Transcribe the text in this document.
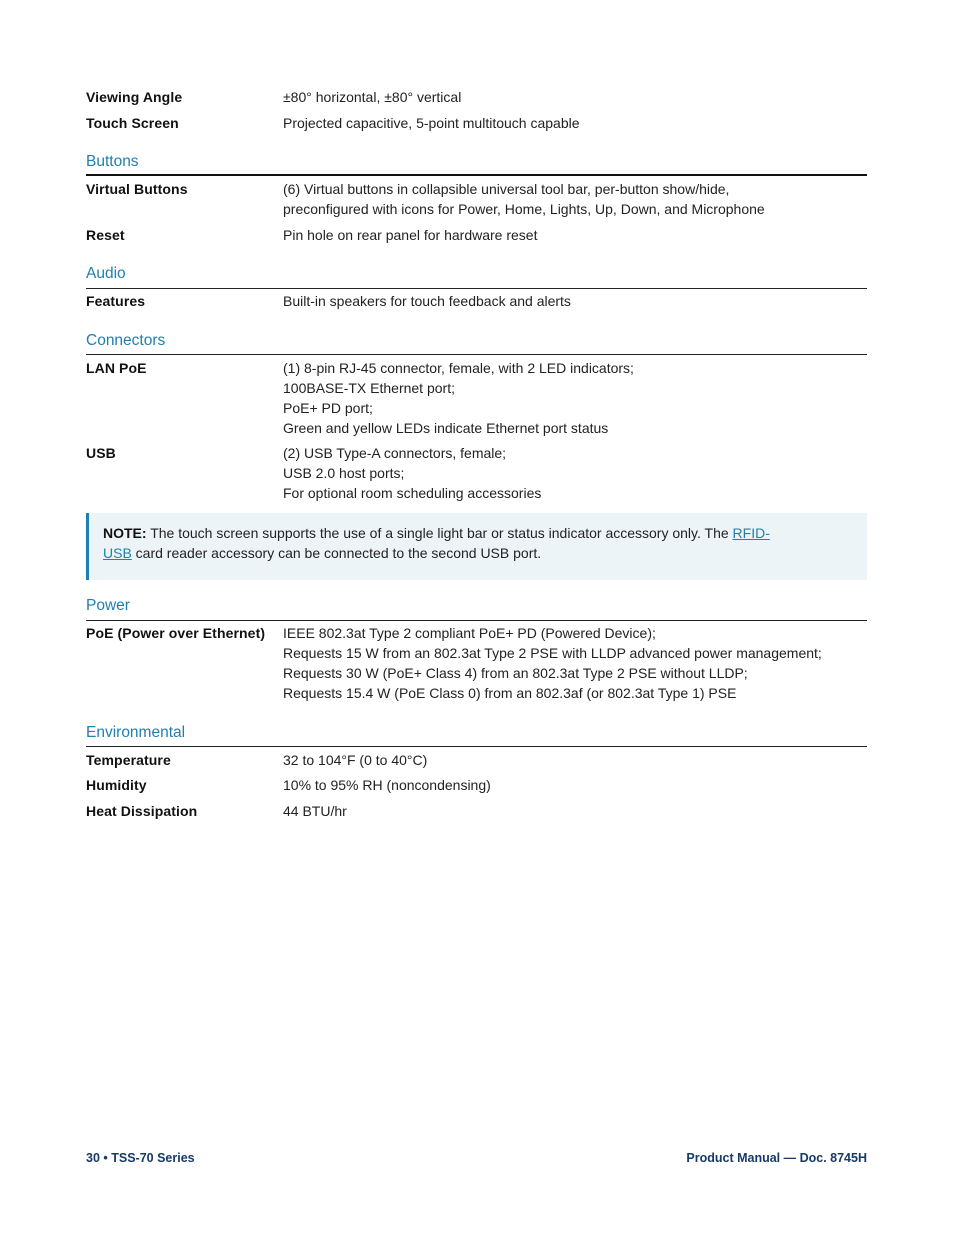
Viewing Angle	±80° horizontal, ±80° vertical
Touch Screen	Projected capacitive, 5-point multitouch capable
Buttons
Virtual Buttons	(6) Virtual buttons in collapsible universal tool bar, per-button show/hide,
preconfigured with icons for Power, Home, Lights, Up, Down, and Microphone
Reset	Pin hole on rear panel for hardware reset
Audio
Features	Built-in speakers for touch feedback and alerts
Connectors
LAN PoE	(1) 8-pin RJ-45 connector, female, with 2 LED indicators;
100BASE-TX Ethernet port;
PoE+ PD port;
Green and yellow LEDs indicate Ethernet port status
USB	(2) USB Type-A connectors, female;
USB 2.0 host ports;
For optional room scheduling accessories
NOTE: The touch screen supports the use of a single light bar or status indicator accessory only. The RFID-
USB card reader accessory can be connected to the second USB port.
Power
PoE (Power over Ethernet)	IEEE 802.3at Type 2 compliant PoE+ PD (Powered Device);
Requests 15 W from an 802.3at Type 2 PSE with LLDP advanced power management;
Requests 30 W (PoE+ Class 4) from an 802.3at Type 2 PSE without LLDP;
Requests 15.4 W (PoE Class 0) from an 802.3af (or 802.3at Type 1) PSE
Environmental
Temperature	32 to 104°F (0 to 40°C)
Humidity	10% to 95% RH (noncondensing)
Heat Dissipation	44 BTU/hr
30 • TSS-70 Series	Product Manual — Doc. 8745H
